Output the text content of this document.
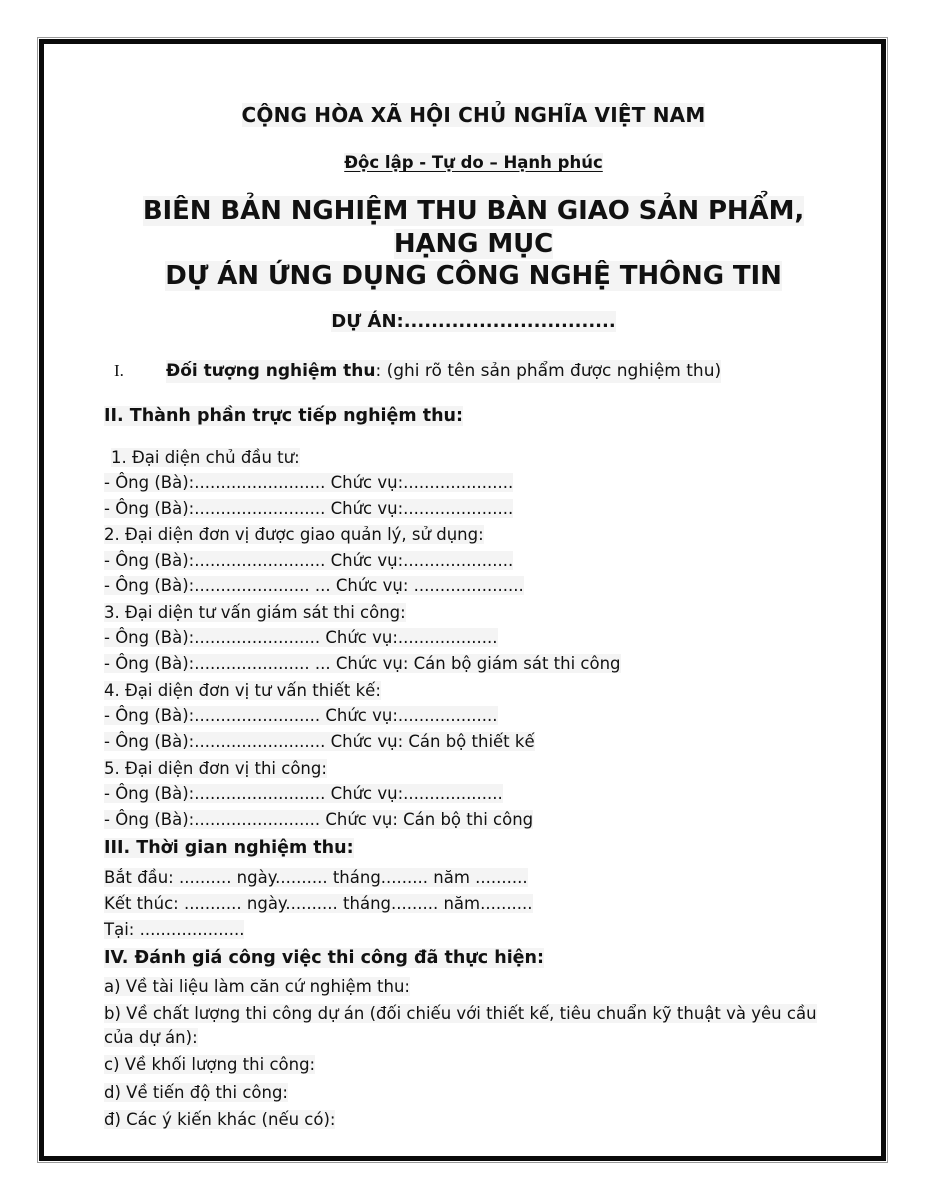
CỘNG HÒA XÃ HỘI CHỦ NGHĨA VIỆT NAM
Độc lập - Tự do – Hạnh phúc
BIÊN BẢN NGHIỆM THU BÀN GIAO SẢN PHẨM, HẠNG MỤC
DỰ ÁN ỨNG DỤNG CÔNG NGHỆ THÔNG TIN
DỰ ÁN:...............................
I.	Đối tượng nghiệm thu: (ghi rõ tên sản phẩm được nghiệm thu)
II. Thành phần trực tiếp nghiệm thu:
1. Đại diện chủ đầu tư:
- Ông (Bà):......................... Chức vụ:.....................
- Ông (Bà):......................... Chức vụ:.....................
2. Đại diện đơn vị được giao quản lý, sử dụng:
- Ông (Bà):......................... Chức vụ:.....................
- Ông (Bà):...................... ... Chức vụ: .....................
3. Đại diện tư vấn giám sát thi công:
- Ông (Bà):........................ Chức vụ:...................
- Ông (Bà):...................... ... Chức vụ: Cán bộ giám sát thi công
4. Đại diện đơn vị tư vấn thiết kế:
- Ông (Bà):........................ Chức vụ:...................
- Ông (Bà):......................... Chức vụ: Cán bộ thiết kế
5. Đại diện đơn vị thi công:
- Ông (Bà):......................... Chức vụ:...................
- Ông (Bà):........................ Chức vụ: Cán bộ thi công
III. Thời gian nghiệm thu:
Bắt đầu: .......... ngày.......... tháng......... năm ..........
Kết thúc: ........... ngày.......... tháng......... năm..........
Tại: ....................
IV. Đánh giá công việc thi công đã thực hiện:
a) Về tài liệu làm căn cứ nghiệm thu:
b) Về chất lượng thi công dự án (đối chiếu với thiết kế, tiêu chuẩn kỹ thuật và yêu cầu của dự án):
c) Về khối lượng thi công:
d) Về tiến độ thi công:
đ) Các ý kiến khác (nếu có):
